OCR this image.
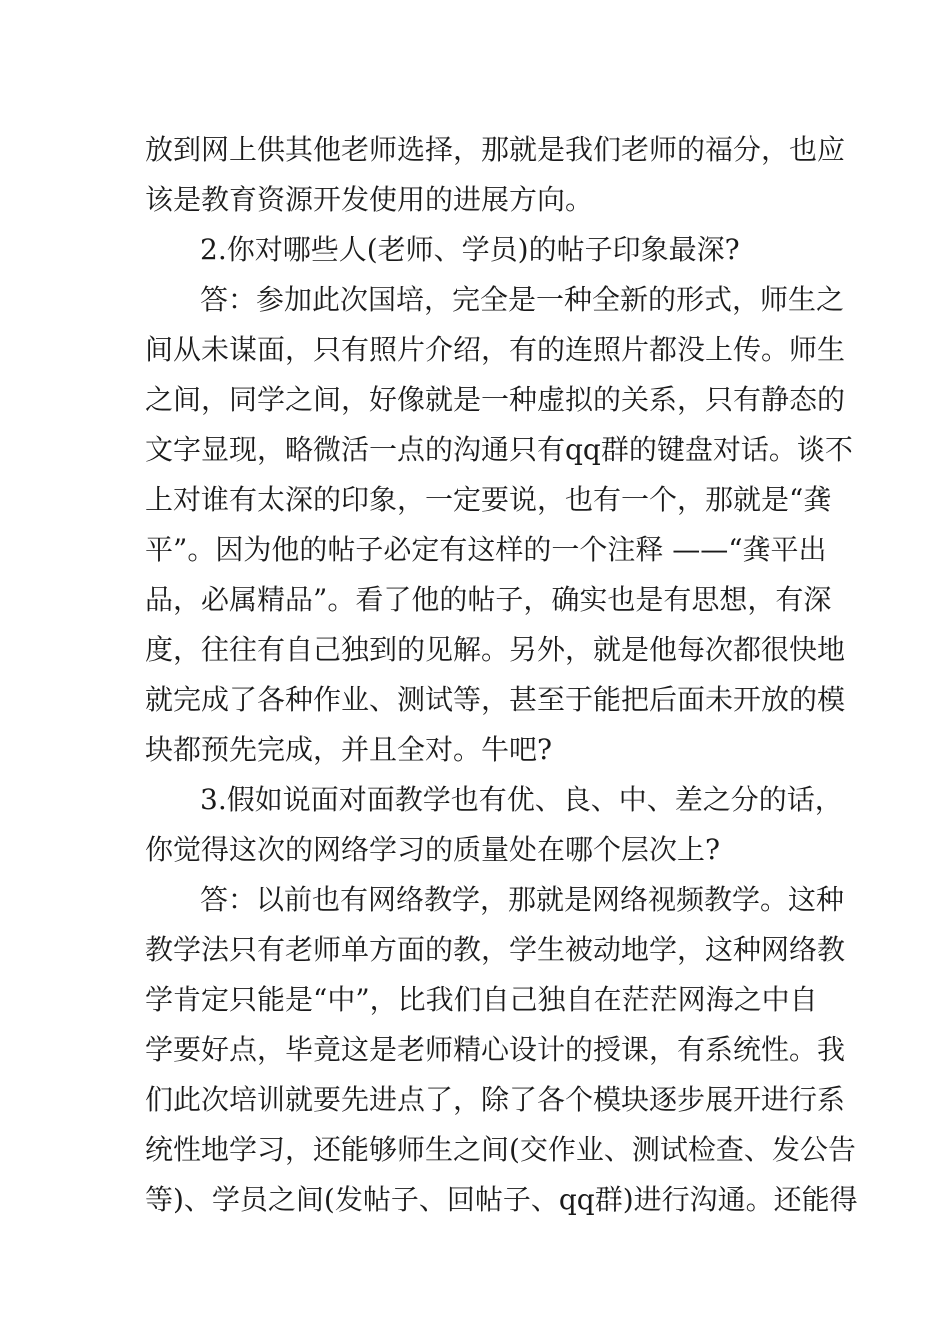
放到网上供其他老师选择，那就是我们老师的福分，也应
该是教育资源开发使用的进展方向。
2.你对哪些人(老师、学员)的帖子印象最深?
答：参加此次国培，完全是一种全新的形式，师生之
间从未谋面，只有照片介绍，有的连照片都没上传。师生
之间，同学之间，好像就是一种虚拟的关系，只有静态的
文字显现，略微活一点的沟通只有qq群的键盘对话。谈不
上对谁有太深的印象，一定要说，也有一个，那就是“龚
平”。因为他的帖子必定有这样的一个注释 ——“龚平出
品，必属精品”。看了他的帖子，确实也是有思想，有深
度，往往有自己独到的见解。另外，就是他每次都很快地
就完成了各种作业、测试等，甚至于能把后面未开放的模
块都预先完成，并且全对。牛吧?
3.假如说面对面教学也有优、良、中、差之分的话，
你觉得这次的网络学习的质量处在哪个层次上?
答：以前也有网络教学，那就是网络视频教学。这种
教学法只有老师单方面的教，学生被动地学，这种网络教
学肯定只能是“中”，比我们自己独自在茫茫网海之中自
学要好点，毕竟这是老师精心设计的授课，有系统性。我
们此次培训就要先进点了，除了各个模块逐步展开进行系
统性地学习，还能够师生之间(交作业、测试检查、发公告
等)、学员之间(发帖子、回帖子、qq群)进行沟通。还能得
